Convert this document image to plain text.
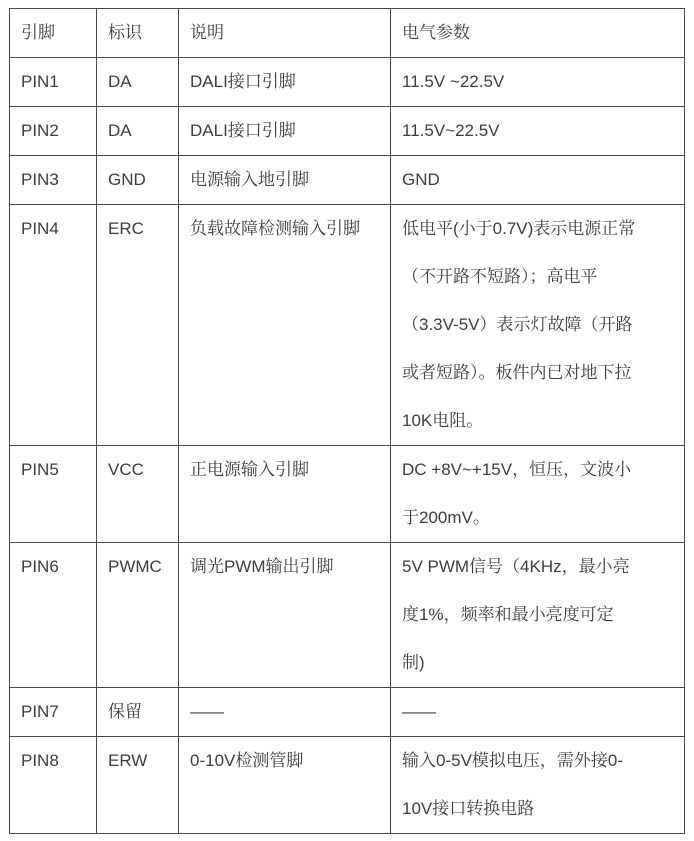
引脚	标识	说明	电气参数

PIN1	DA	DALI接口引脚	11.5V ~22.5V

PIN2	DA	DALI接口引脚	11.5V~22.5V

PIN3	GND	电源输入地引脚	GND

PIN4	ERC	负载故障检测输入引脚	低电平(小于0.7V)表示电源正常
（不开路不短路）；高电平
（3.3V-5V）表示灯故障（开路
或者短路）。板件内已对地下拉
10K电阻。

PIN5	VCC	正电源输入引脚	DC +8V~+15V，恒压，文波小
于200mV。

PIN6	PWMC	调光PWM输出引脚	5V PWM信号（4KHz，最小亮
度1%，频率和最小亮度可定
制)

PIN7	保留	——	——

PIN8	ERW	0-10V检测管脚	输入0-5V模拟电压，需外接0-
10V接口转换电路
